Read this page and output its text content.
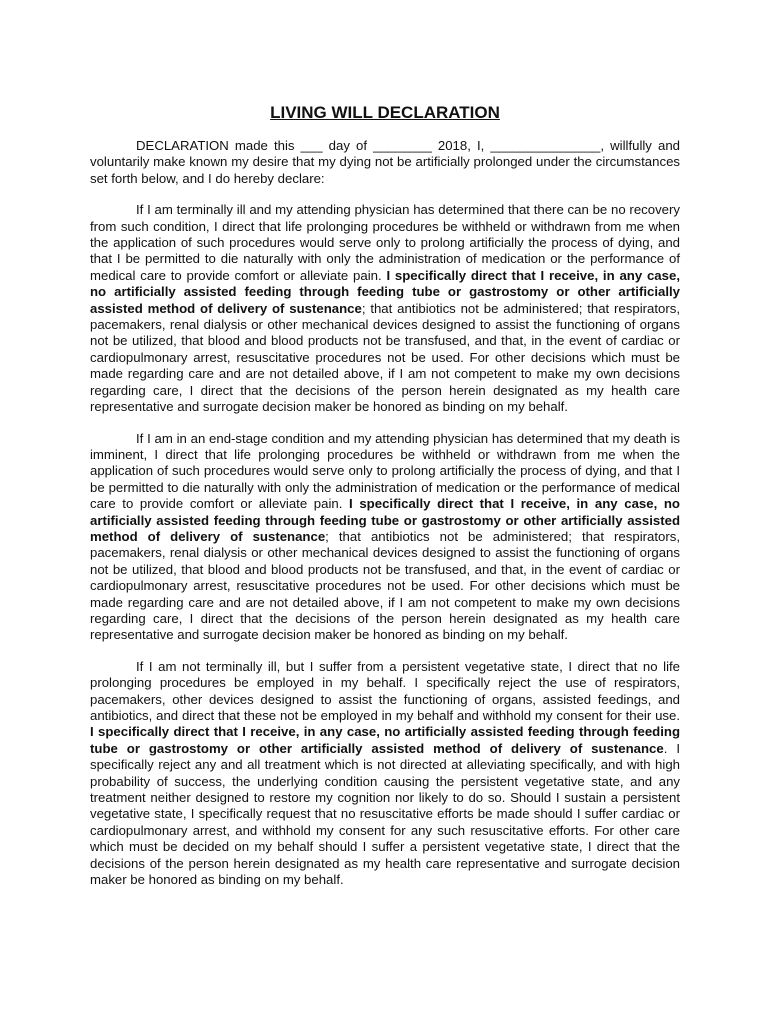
LIVING WILL DECLARATION

DECLARATION made this ___ day of ________ 2018, I, _______________, willfully and voluntarily make known my desire that my dying not be artificially prolonged under the circumstances set forth below, and I do hereby declare:

If I am terminally ill and my attending physician has determined that there can be no recovery from such condition, I direct that life prolonging procedures be withheld or withdrawn from me when the application of such procedures would serve only to prolong artificially the process of dying, and that I be permitted to die naturally with only the administration of medication or the performance of medical care to provide comfort or alleviate pain. I specifically direct that I receive, in any case, no artificially assisted feeding through feeding tube or gastrostomy or other artificially assisted method of delivery of sustenance; that antibiotics not be administered; that respirators, pacemakers, renal dialysis or other mechanical devices designed to assist the functioning of organs not be utilized, that blood and blood products not be transfused, and that, in the event of cardiac or cardiopulmonary arrest, resuscitative procedures not be used. For other decisions which must be made regarding care and are not detailed above, if I am not competent to make my own decisions regarding care, I direct that the decisions of the person herein designated as my health care representative and surrogate decision maker be honored as binding on my behalf.

If I am in an end-stage condition and my attending physician has determined that my death is imminent, I direct that life prolonging procedures be withheld or withdrawn from me when the application of such procedures would serve only to prolong artificially the process of dying, and that I be permitted to die naturally with only the administration of medication or the performance of medical care to provide comfort or alleviate pain. I specifically direct that I receive, in any case, no artificially assisted feeding through feeding tube or gastrostomy or other artificially assisted method of delivery of sustenance; that antibiotics not be administered; that respirators, pacemakers, renal dialysis or other mechanical devices designed to assist the functioning of organs not be utilized, that blood and blood products not be transfused, and that, in the event of cardiac or cardiopulmonary arrest, resuscitative procedures not be used. For other decisions which must be made regarding care and are not detailed above, if I am not competent to make my own decisions regarding care, I direct that the decisions of the person herein designated as my health care representative and surrogate decision maker be honored as binding on my behalf.

If I am not terminally ill, but I suffer from a persistent vegetative state, I direct that no life prolonging procedures be employed in my behalf. I specifically reject the use of respirators, pacemakers, other devices designed to assist the functioning of organs, assisted feedings, and antibiotics, and direct that these not be employed in my behalf and withhold my consent for their use. I specifically direct that I receive, in any case, no artificially assisted feeding through feeding tube or gastrostomy or other artificially assisted method of delivery of sustenance. I specifically reject any and all treatment which is not directed at alleviating specifically, and with high probability of success, the underlying condition causing the persistent vegetative state, and any treatment neither designed to restore my cognition nor likely to do so. Should I sustain a persistent vegetative state, I specifically request that no resuscitative efforts be made should I suffer cardiac or cardiopulmonary arrest, and withhold my consent for any such resuscitative efforts. For other care which must be decided on my behalf should I suffer a persistent vegetative state, I direct that the decisions of the person herein designated as my health care representative and surrogate decision maker be honored as binding on my behalf.
